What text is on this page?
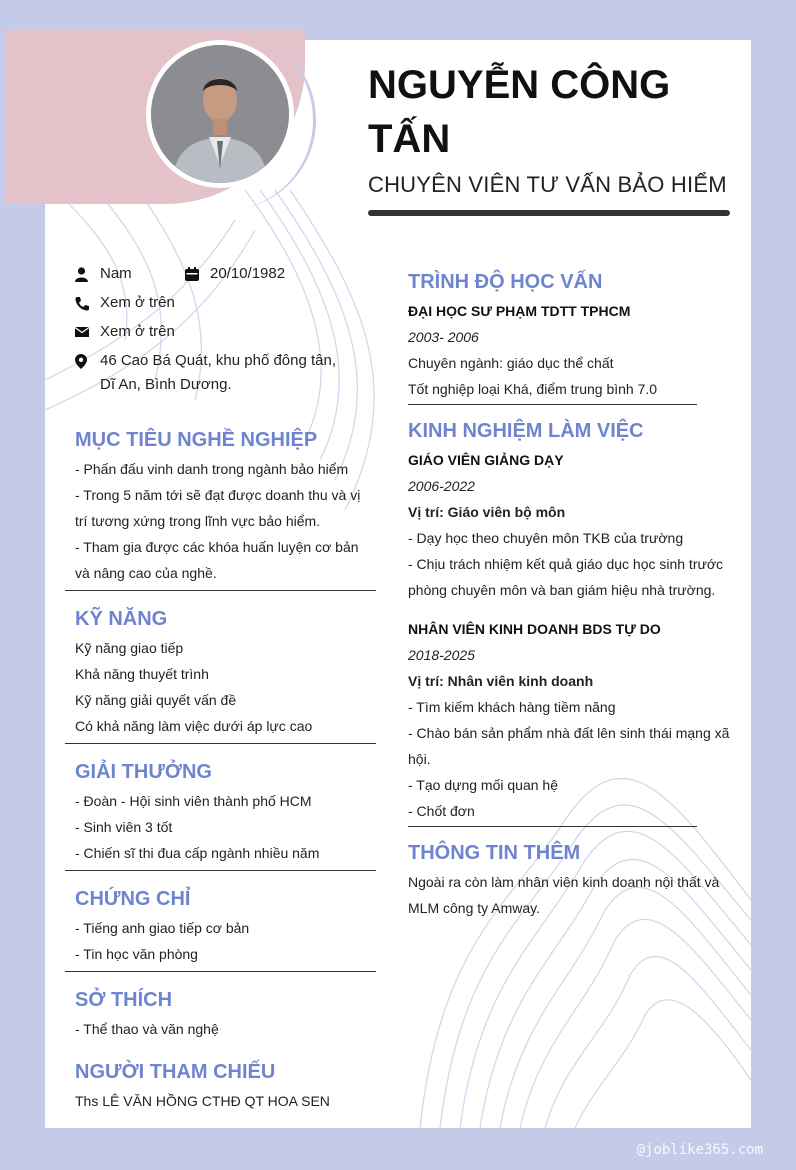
NGUYỄN CÔNG
TẤN
CHUYÊN VIÊN TƯ VẤN BẢO HIỂM
Nam	20/10/1982
Xem ở trên
Xem ở trên
46 Cao Bá Quát, khu phố đông tân,
Dĩ An, Bình Dương.
MỤC TIÊU NGHỀ NGHIỆP
- Phấn đấu vinh danh trong ngành bảo hiểm
- Trong 5 năm tới sẽ đạt được doanh thu và vị
trí tương xứng trong lĩnh vực bảo hiểm.
- Tham gia được các khóa huấn luyện cơ bản
và nâng cao của nghề.
KỸ NĂNG
Kỹ năng giao tiếp
Khả năng thuyết trình
Kỹ năng giải quyết vấn đề
Có khả năng làm việc dưới áp lực cao
GIẢI THƯỞNG
- Đoàn - Hội sinh viên thành phố HCM
- Sinh viên 3 tốt
- Chiến sĩ thi đua cấp ngành nhiều năm
CHỨNG CHỈ
- Tiếng anh giao tiếp cơ bản
- Tin học văn phòng
SỞ THÍCH
- Thể thao và văn nghệ
NGƯỜI THAM CHIẾU
Ths LÊ VĂN HỒNG CTHĐ QT HOA SEN
TRÌNH ĐỘ HỌC VẤN
ĐẠI HỌC SƯ PHẠM TDTT TPHCM
2003- 2006
Chuyên ngành: giáo dục thể chất
Tốt nghiệp loại Khá, điểm trung bình 7.0
KINH NGHIỆM LÀM VIỆC
GIÁO VIÊN GIẢNG DẠY
2006-2022
Vị trí: Giáo viên bộ môn
- Dạy học theo chuyên môn TKB của trường
- Chịu trách nhiệm kết quả giáo dục học sinh trước
phòng chuyên môn và ban giám hiệu nhà trường.
NHÂN VIÊN KINH DOANH BDS TỰ DO
2018-2025
Vị trí: Nhân viên kinh doanh
- Tìm kiếm khách hàng tiềm năng
- Chào bán sản phẩm nhà đất lên sinh thái mạng xã
hội.
- Tạo dựng mối quan hệ
- Chốt đơn
THÔNG TIN THÊM
Ngoài ra còn làm nhân viên kinh doanh nội thất và
MLM công ty Amway.
@joblike365.com
